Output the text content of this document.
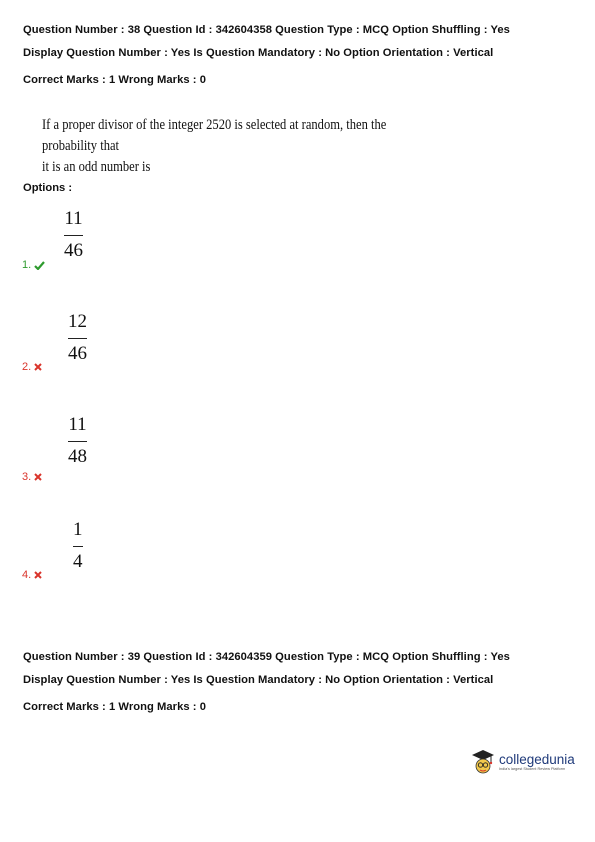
Question Number : 38 Question Id : 342604358 Question Type : MCQ Option Shuffling : Yes
Display Question Number : Yes Is Question Mandatory : No Option Orientation : Vertical
Correct Marks : 1 Wrong Marks : 0
If a proper divisor of the integer 2520 is selected at random, then the probability that
it is an odd number is
Options :
11
46
1.
12
46
2.
11
48
3.
1
4
4.
Question Number : 39 Question Id : 342604359 Question Type : MCQ Option Shuffling : Yes
Display Question Number : Yes Is Question Mandatory : No Option Orientation : Vertical
Correct Marks : 1 Wrong Marks : 0
collegedunia
India's largest Student Review Platform
